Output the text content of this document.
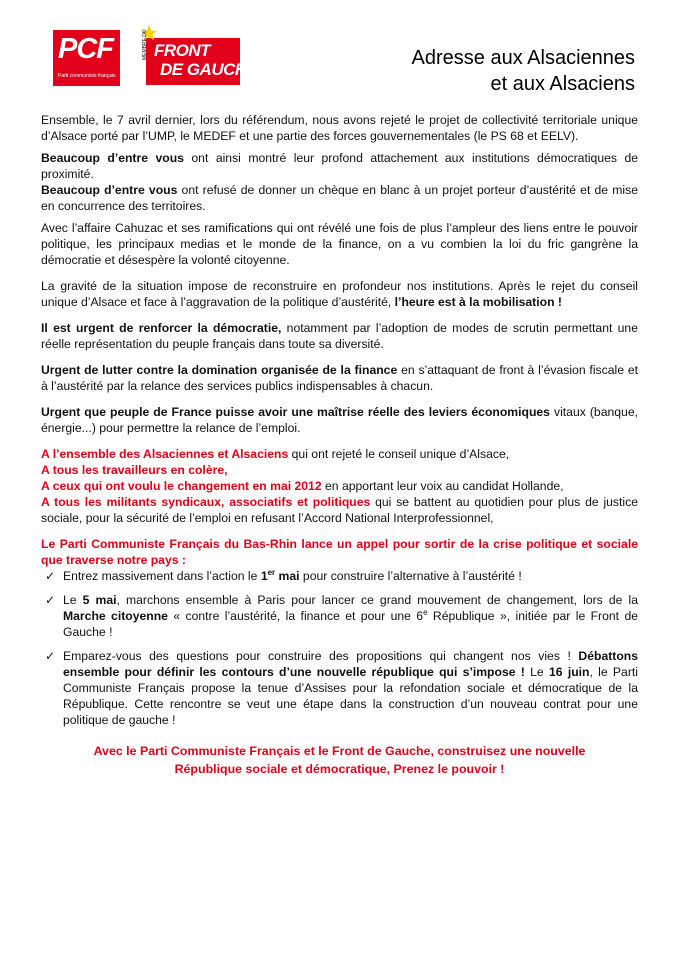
PCF
Parti communiste français
MEMBRE DU FRONT
DE GAUCHE
Adresse aux Alsaciennes
et aux Alsaciens

Ensemble, le 7 avril dernier, lors du référendum, nous avons rejeté le projet de collectivité territoriale unique d’Alsace porté par l’UMP, le MEDEF et une partie des forces gouvernementales (le PS 68 et EELV).

Beaucoup d’entre vous ont ainsi montré leur profond attachement aux institutions démocratiques de proximité.

Beaucoup d’entre vous ont refusé de donner un chèque en blanc à un projet porteur d’austérité et de mise en concurrence des territoires.

Avec l’affaire Cahuzac et ses ramifications qui ont révélé une fois de plus l’ampleur des liens entre le pouvoir politique, les principaux medias et le monde de la finance, on a vu combien la loi du fric gangrène la démocratie et désespère la volonté citoyenne.

La gravité de la situation impose de reconstruire en profondeur nos institutions. Après le rejet du conseil unique d’Alsace et face à l’aggravation de la politique d’austérité, l’heure est à la mobilisation !

Il est urgent de renforcer la démocratie, notamment par l’adoption de modes de scrutin permettant une réelle représentation du peuple français dans toute sa diversité.

Urgent de lutter contre la domination organisée de la finance en s’attaquant de front à l’évasion fiscale et à l’austérité par la relance des services publics indispensables à chacun.

Urgent que peuple de France puisse avoir une maîtrise réelle des leviers économiques vitaux (banque, énergie...) pour permettre la relance de l’emploi.

A l’ensemble des Alsaciennes et Alsaciens qui ont rejeté le conseil unique d’Alsace,

A tous les travailleurs en colère,

A ceux qui ont voulu le changement en mai 2012 en apportant leur voix au candidat Hollande,

A tous les militants syndicaux, associatifs et politiques qui se battent au quotidien pour plus de justice sociale, pour la sécurité de l’emploi en refusant l’Accord National Interprofessionnel,

Le Parti Communiste Français du Bas-Rhin lance un appel pour sortir de la crise politique et sociale que traverse notre pays :

✓ Entrez massivement dans l’action le 1er mai pour construire l’alternative à l’austérité !
✓ Le 5 mai, marchons ensemble à Paris pour lancer ce grand mouvement de changement, lors de la Marche citoyenne « contre l’austérité, la finance et pour une 6e République », initiée par le Front de Gauche !
✓ Emparez-vous des questions pour construire des propositions qui changent nos vies ! Débattons ensemble pour définir les contours d’une nouvelle république qui s’impose ! Le 16 juin, le Parti Communiste Français propose la tenue d’Assises pour la refondation sociale et démocratique de la République. Cette rencontre se veut une étape dans la construction d’un nouveau contrat pour une politique de gauche !
Avec le Parti Communiste Français et le Front de Gauche, construisez une nouvelle
République sociale et démocratique, Prenez le pouvoir !
